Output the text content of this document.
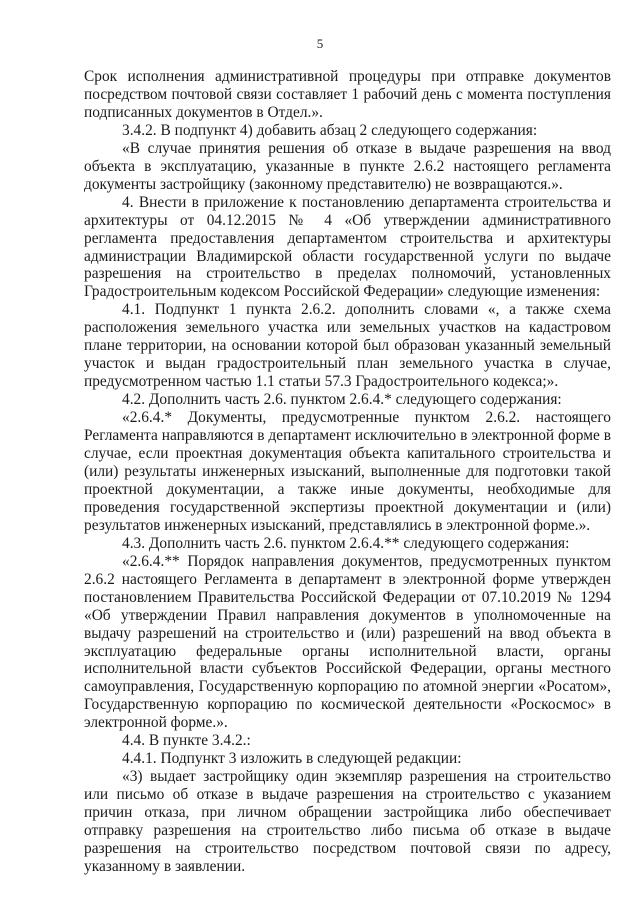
5

Срок исполнения административной процедуры при отправке документов посредством почтовой связи составляет 1 рабочий день с момента поступления подписанных документов в Отдел.».

3.4.2. В подпункт 4) добавить абзац 2 следующего содержания:

«В случае принятия решения об отказе в выдаче разрешения на ввод объекта в эксплуатацию, указанные в пункте 2.6.2 настоящего регламента документы застройщику (законному представителю) не возвращаются.».

4. Внести в приложение к постановлению департамента строительства и архитектуры от 04.12.2015 № 4 «Об утверждении административного регламента предоставления департаментом строительства и архитектуры администрации Владимирской области государственной услуги по выдаче разрешения на строительство в пределах полномочий, установленных Градостроительным кодексом Российской Федерации» следующие изменения:

4.1. Подпункт 1 пункта 2.6.2. дополнить словами «, а также схема расположения земельного участка или земельных участков на кадастровом плане территории, на основании которой был образован указанный земельный участок и выдан градостроительный план земельного участка в случае, предусмотренном частью 1.1 статьи 57.3 Градостроительного кодекса;».

4.2. Дополнить часть 2.6. пунктом 2.6.4.* следующего содержания:

«2.6.4.* Документы, предусмотренные пунктом 2.6.2. настоящего Регламента направляются в департамент исключительно в электронной форме в случае, если проектная документация объекта капитального строительства и (или) результаты инженерных изысканий, выполненные для подготовки такой проектной документации, а также иные документы, необходимые для проведения государственной экспертизы проектной документации и (или) результатов инженерных изысканий, представлялись в электронной форме.».

4.3. Дополнить часть 2.6. пунктом 2.6.4.** следующего содержания:

«2.6.4.** Порядок направления документов, предусмотренных пунктом 2.6.2 настоящего Регламента в департамент в электронной форме утвержден постановлением Правительства Российской Федерации от 07.10.2019 № 1294 «Об утверждении Правил направления документов в уполномоченные на выдачу разрешений на строительство и (или) разрешений на ввод объекта в эксплуатацию федеральные органы исполнительной власти, органы исполнительной власти субъектов Российской Федерации, органы местного самоуправления, Государственную корпорацию по атомной энергии «Росатом», Государственную корпорацию по космической деятельности «Роскосмос» в электронной форме.».

4.4. В пункте 3.4.2.:

4.4.1. Подпункт 3 изложить в следующей редакции:

«3) выдает застройщику один экземпляр разрешения на строительство или письмо об отказе в выдаче разрешения на строительство с указанием причин отказа, при личном обращении застройщика либо обеспечивает отправку разрешения на строительство либо письма об отказе в выдаче разрешения на строительство посредством почтовой связи по адресу, указанному в заявлении.
